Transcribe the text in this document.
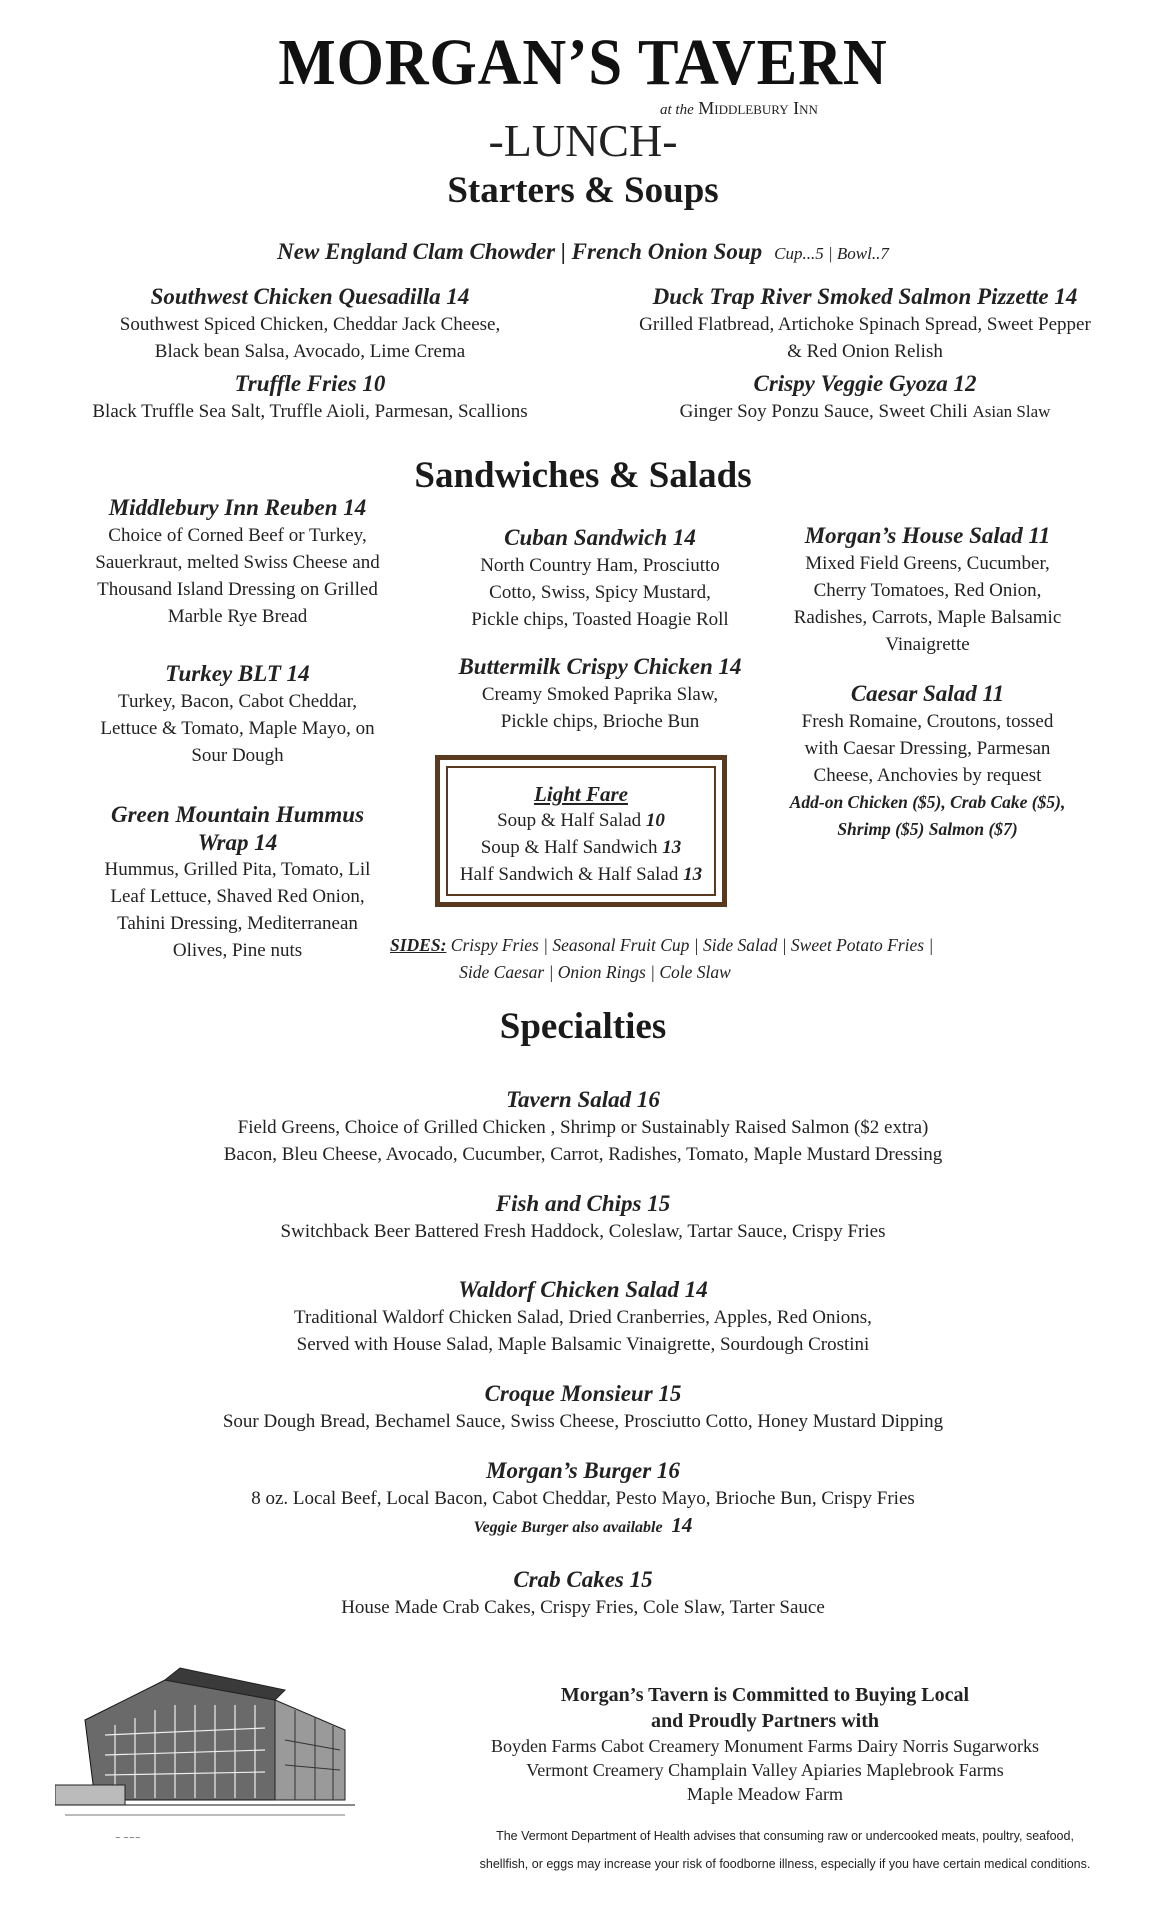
MORGAN’S TAVERN
at the Middlebury Inn
-LUNCH-
Starters & Soups
New England Clam Chowder | French Onion Soup Cup...5 | Bowl..7
Southwest Chicken Quesadilla 14
Southwest Spiced Chicken, Cheddar Jack Cheese,
Black bean Salsa, Avocado, Lime Crema
Truffle Fries 10
Black Truffle Sea Salt, Truffle Aioli, Parmesan, Scallions
Duck Trap River Smoked Salmon Pizzette 14
Grilled Flatbread, Artichoke Spinach Spread, Sweet Pepper
& Red Onion Relish
Crispy Veggie Gyoza 12
Ginger Soy Ponzu Sauce, Sweet Chili Asian Slaw
Sandwiches & Salads
Middlebury Inn Reuben 14
Choice of Corned Beef or Turkey,
Sauerkraut, melted Swiss Cheese and
Thousand Island Dressing on Grilled
Marble Rye Bread
Turkey BLT 14
Turkey, Bacon, Cabot Cheddar,
Lettuce & Tomato, Maple Mayo, on
Sour Dough
Green Mountain Hummus
Wrap 14
Hummus, Grilled Pita, Tomato, Lil
Leaf Lettuce, Shaved Red Onion,
Tahini Dressing, Mediterranean
Olives, Pine nuts
Cuban Sandwich 14
North Country Ham, Prosciutto
Cotto, Swiss, Spicy Mustard,
Pickle chips, Toasted Hoagie Roll
Buttermilk Crispy Chicken 14
Creamy Smoked Paprika Slaw,
Pickle chips, Brioche Bun
Light Fare
Soup & Half Salad 10
Soup & Half Sandwich 13
Half Sandwich & Half Salad 13
Morgan’s House Salad 11
Mixed Field Greens, Cucumber,
Cherry Tomatoes, Red Onion,
Radishes, Carrots, Maple Balsamic
Vinaigrette
Caesar Salad 11
Fresh Romaine, Croutons, tossed
with Caesar Dressing, Parmesan
Cheese, Anchovies by request
Add-on Chicken ($5), Crab Cake ($5),
Shrimp ($5) Salmon ($7)
SIDES: Crispy Fries | Seasonal Fruit Cup | Side Salad | Sweet Potato Fries |
Side Caesar | Onion Rings | Cole Slaw
Specialties
Tavern Salad 16
Field Greens, Choice of Grilled Chicken , Shrimp or Sustainably Raised Salmon ($2 extra)
Bacon, Bleu Cheese, Avocado, Cucumber, Carrot, Radishes, Tomato, Maple Mustard Dressing
Fish and Chips 15
Switchback Beer Battered Fresh Haddock, Coleslaw, Tartar Sauce, Crispy Fries
Waldorf Chicken Salad 14
Traditional Waldorf Chicken Salad, Dried Cranberries, Apples, Red Onions,
Served with House Salad, Maple Balsamic Vinaigrette, Sourdough Crostini
Croque Monsieur 15
Sour Dough Bread, Bechamel Sauce, Swiss Cheese, Prosciutto Cotto, Honey Mustard Dipping
Morgan’s Burger 16
8 oz. Local Beef, Local Bacon, Cabot Cheddar, Pesto Mayo, Brioche Bun, Crispy Fries
Veggie Burger also available 14
Crab Cakes 15
House Made Crab Cakes, Crispy Fries, Cole Slaw, Tarter Sauce
~ ~~~
Morgan’s Tavern is Committed to Buying Local
and Proudly Partners with
Boyden Farms Cabot Creamery Monument Farms Dairy Norris Sugarworks
Vermont Creamery Champlain Valley Apiaries Maplebrook Farms
Maple Meadow Farm
The Vermont Department of Health advises that consuming raw or undercooked meats, poultry, seafood,
shellfish, or eggs may increase your risk of foodborne illness, especially if you have certain medical conditions.
